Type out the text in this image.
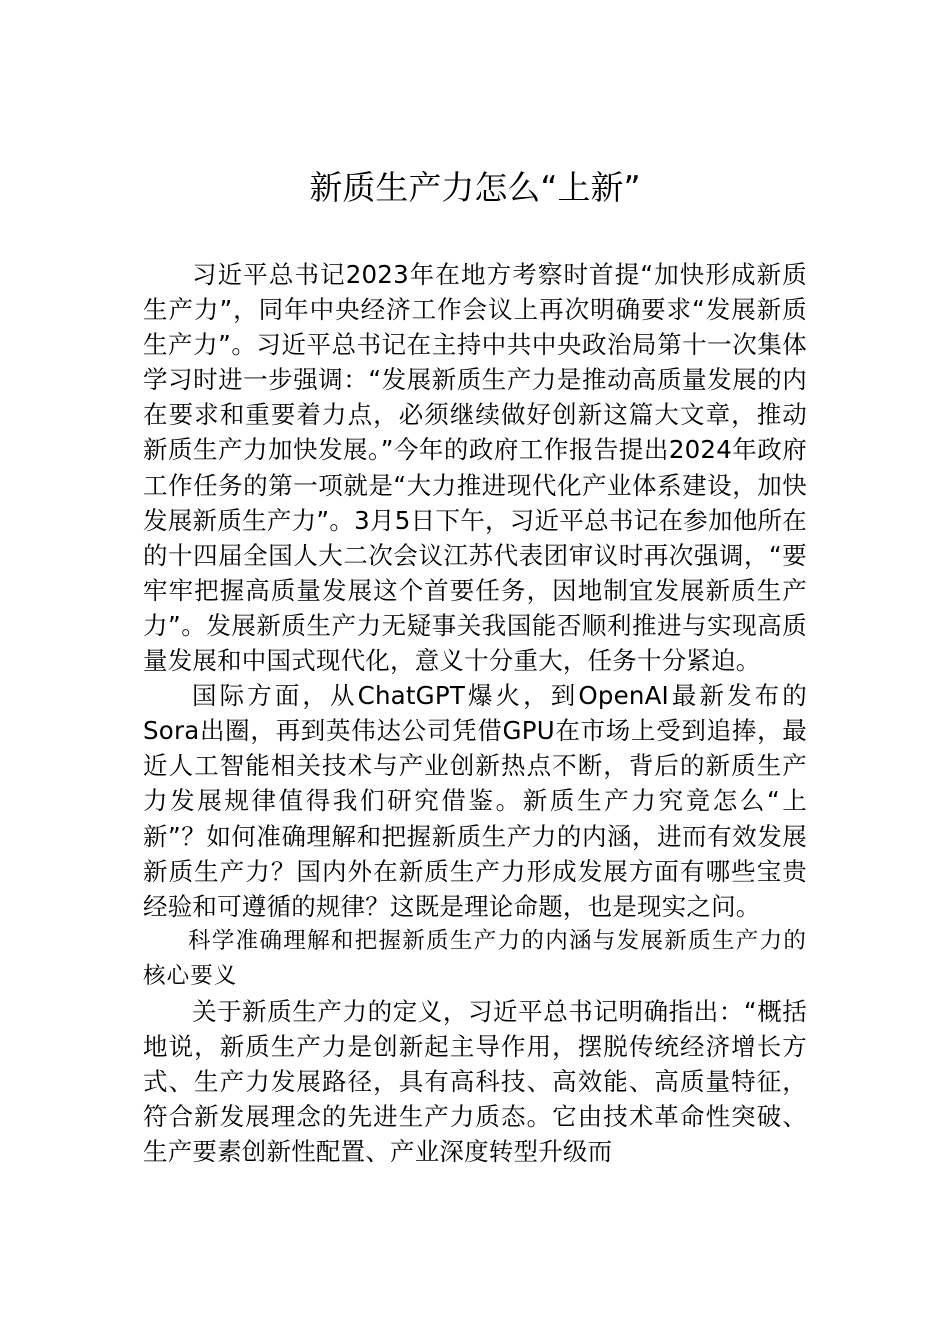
新质生产力怎么“上新”

习近平总书记2023年在地方考察时首提“加快形成新质生产力”，同年中央经济工作会议上再次明确要求“发展新质生产力”。习近平总书记在主持中共中央政治局第十一次集体学习时进一步强调：“发展新质生产力是推动高质量发展的内在要求和重要着力点，必须继续做好创新这篇大文章，推动新质生产力加快发展。”今年的政府工作报告提出2024年政府工作任务的第一项就是“大力推进现代化产业体系建设，加快发展新质生产力”。3月5日下午，习近平总书记在参加他所在的十四届全国人大二次会议江苏代表团审议时再次强调，“要牢牢把握高质量发展这个首要任务，因地制宜发展新质生产力”。发展新质生产力无疑事关我国能否顺利推进与实现高质量发展和中国式现代化，意义十分重大，任务十分紧迫。

国际方面，从ChatGPT爆火，到OpenAI最新发布的Sora出圈，再到英伟达公司凭借GPU在市场上受到追捧，最近人工智能相关技术与产业创新热点不断，背后的新质生产力发展规律值得我们研究借鉴。新质生产力究竟怎么“上新”？如何准确理解和把握新质生产力的内涵，进而有效发展新质生产力？国内外在新质生产力形成发展方面有哪些宝贵经验和可遵循的规律？这既是理论命题，也是现实之问。

科学准确理解和把握新质生产力的内涵与发展新质生产力的核心要义

关于新质生产力的定义，习近平总书记明确指出：“概括地说，新质生产力是创新起主导作用，摆脱传统经济增长方式、生产力发展路径，具有高科技、高效能、高质量特征，符合新发展理念的先进生产力质态。它由技术革命性突破、生产要素创新性配置、产业深度转型升级而
